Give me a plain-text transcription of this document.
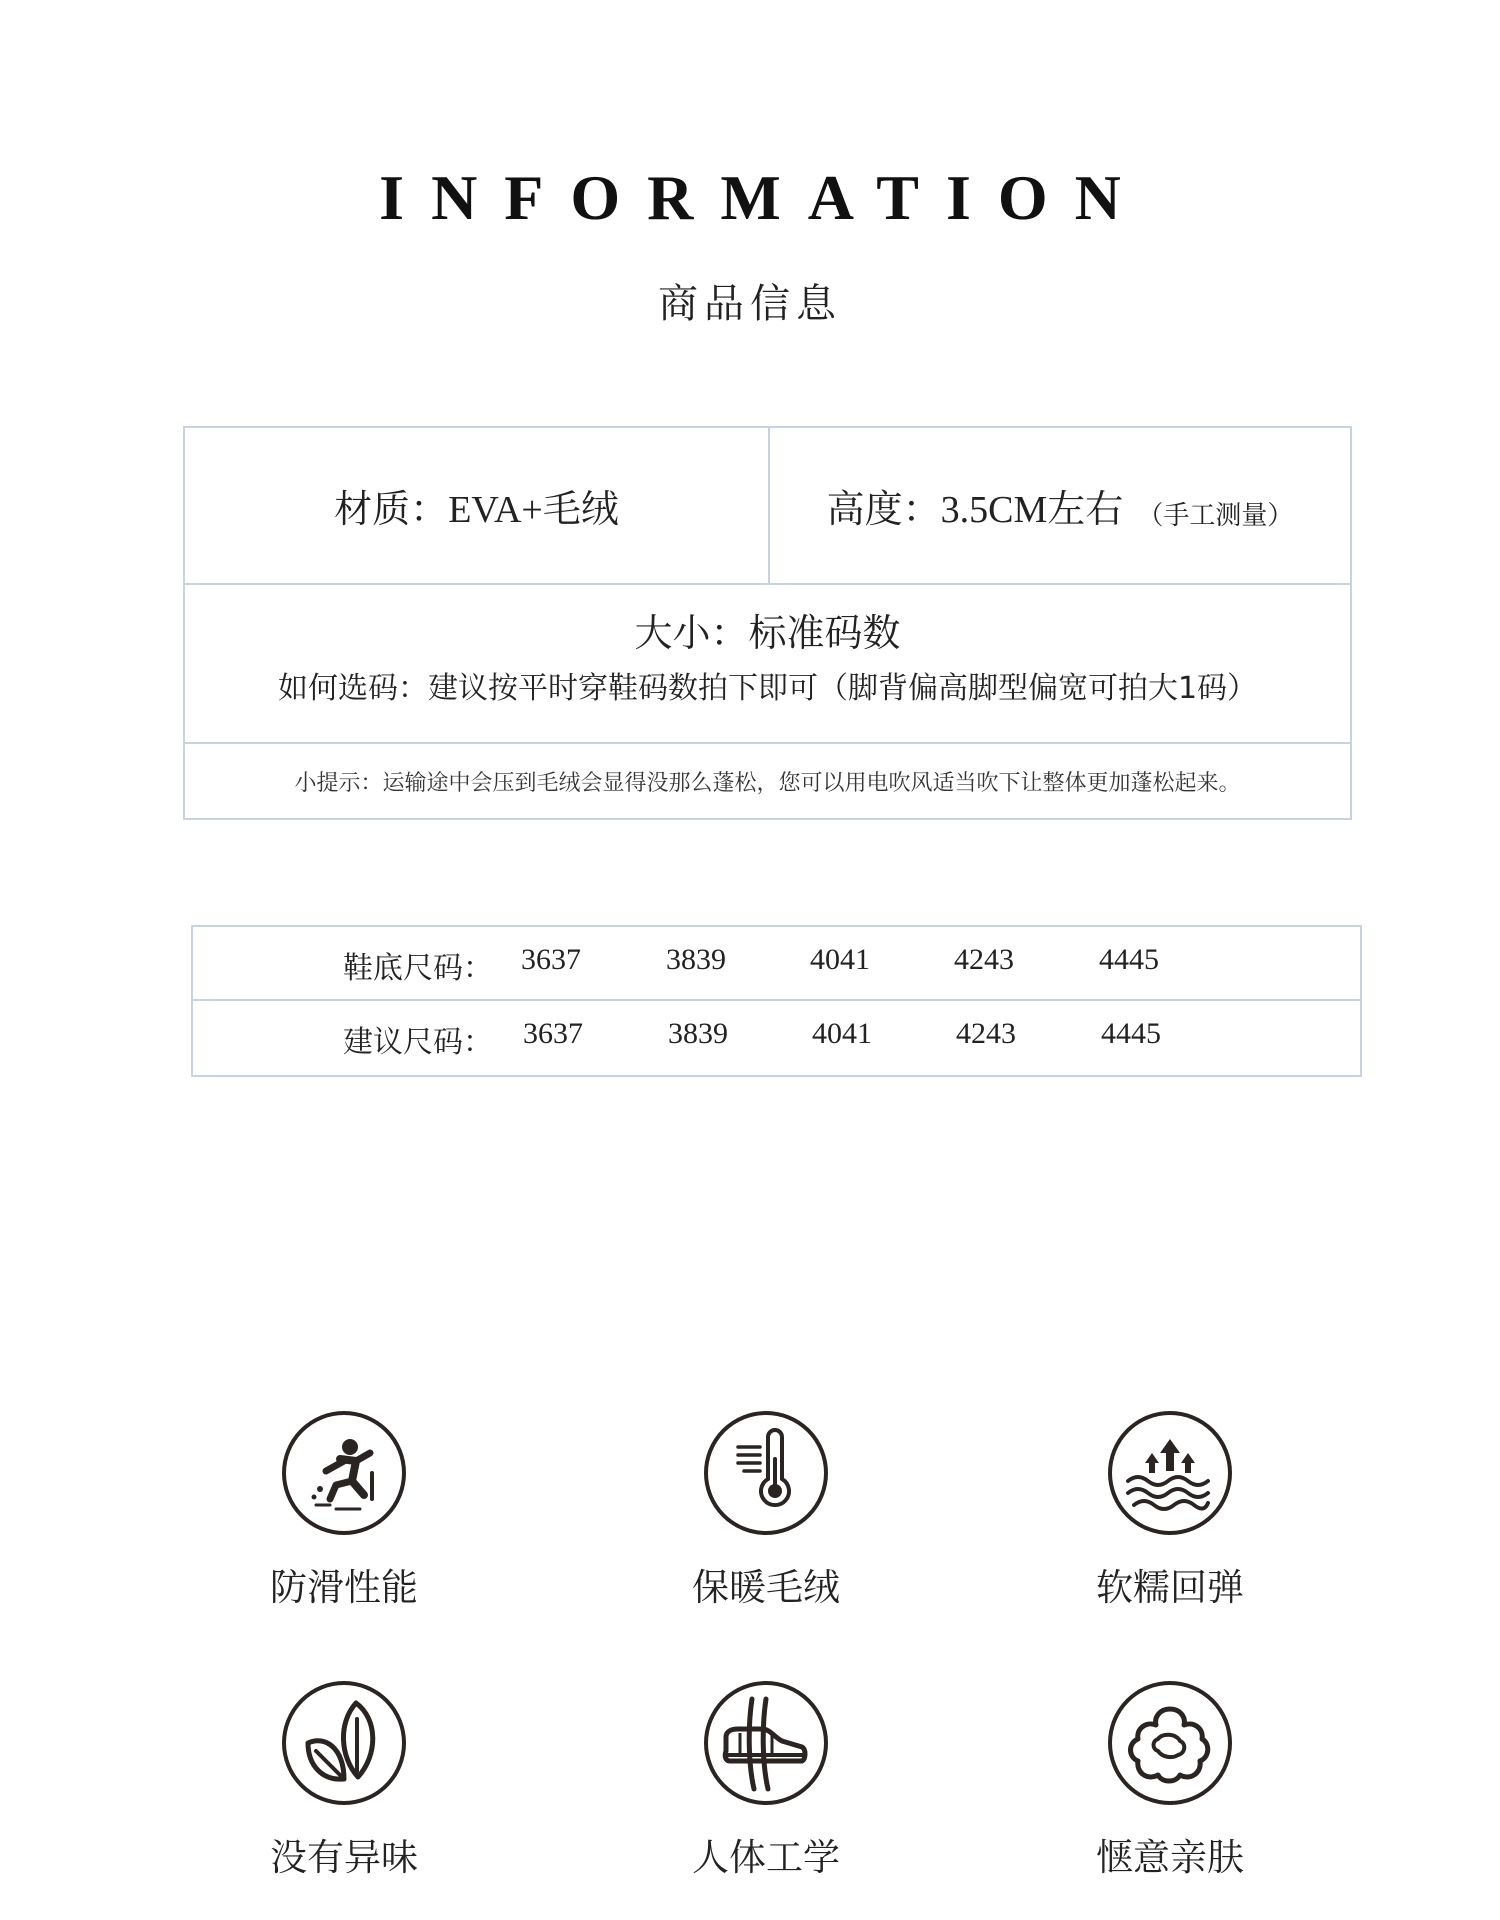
INFORMATION
商品信息
材质：EVA+毛绒	高度：3.5CM左右 （手工测量）
大小：标准码数
如何选码：建议按平时穿鞋码数拍下即可（脚背偏高脚型偏宽可拍大1码）
小提示：运输途中会压到毛绒会显得没那么蓬松，您可以用电吹风适当吹下让整体更加蓬松起来。
鞋底尺码： 3637	3839	4041	4243	4445
建议尺码： 3637	3839	4041	4243	4445
防滑性能	保暖毛绒	软糯回弹
没有异味	人体工学	惬意亲肤
